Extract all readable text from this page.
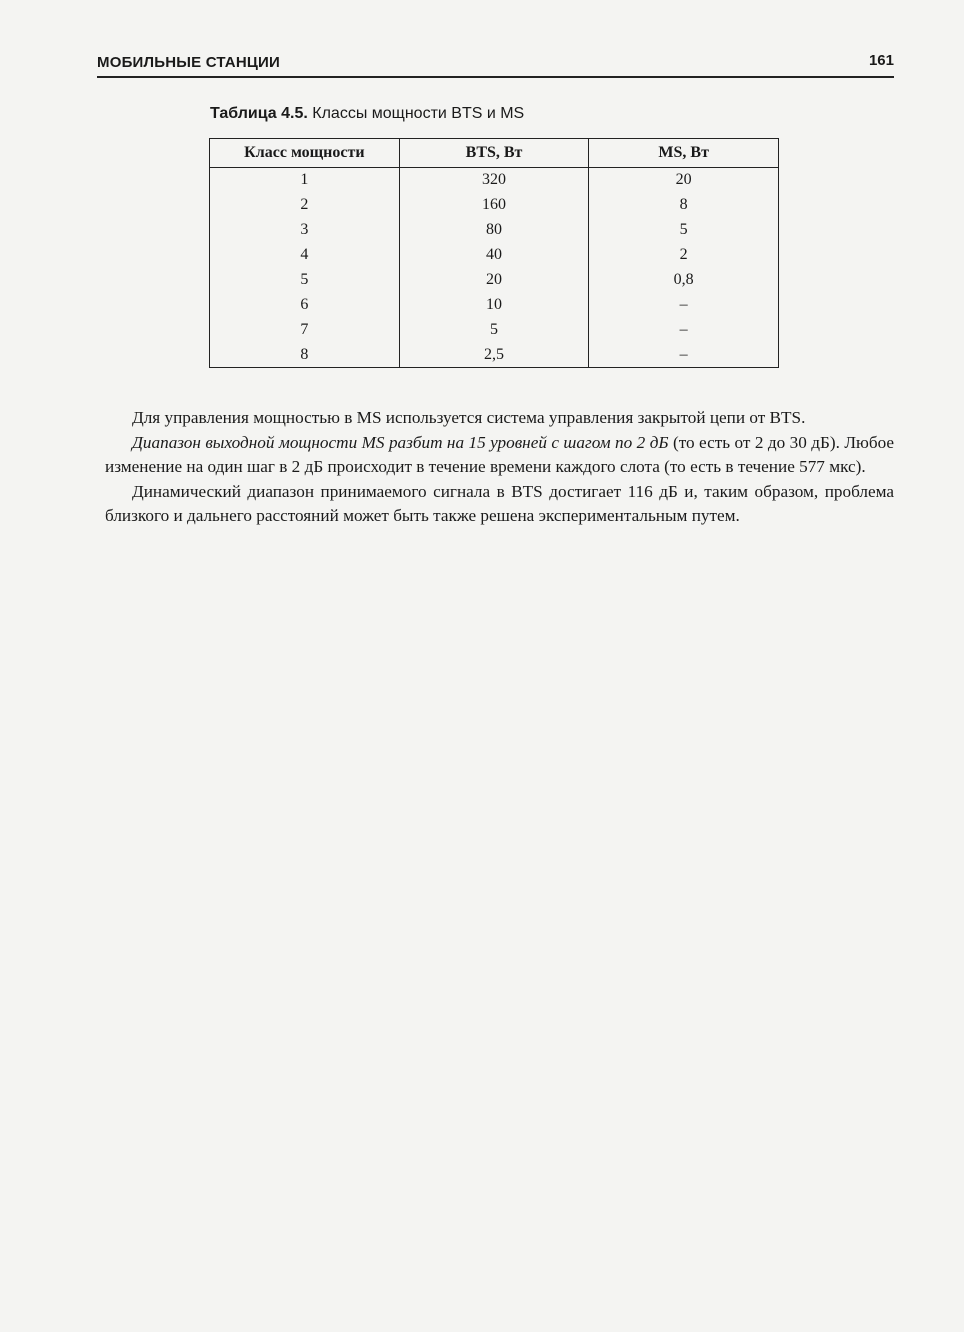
МОБИЛЬНЫЕ СТАНЦИИ	161
Таблица 4.5. Классы мощности BTS и MS
Класс мощности	BTS, Вт	MS, Вт
1	320	20
2	160	8
3	80	5
4	40	2
5	20	0,8
6	10	–
7	5	–
8	2,5	–

Для управления мощностью в MS используется система управления закрытой цепи от BTS.

Диапазон выходной мощности MS разбит на 15 уровней с шагом по 2 дБ (то есть от 2 до 30 дБ). Любое изменение на один шаг в 2 дБ происходит в течение времени каждого слота (то есть в течение 577 мкс).

Динамический диапазон принимаемого сигнала в BTS достигает 116 дБ и, таким образом, проблема близкого и дальнего расстояний может быть также решена экспериментальным путем.
